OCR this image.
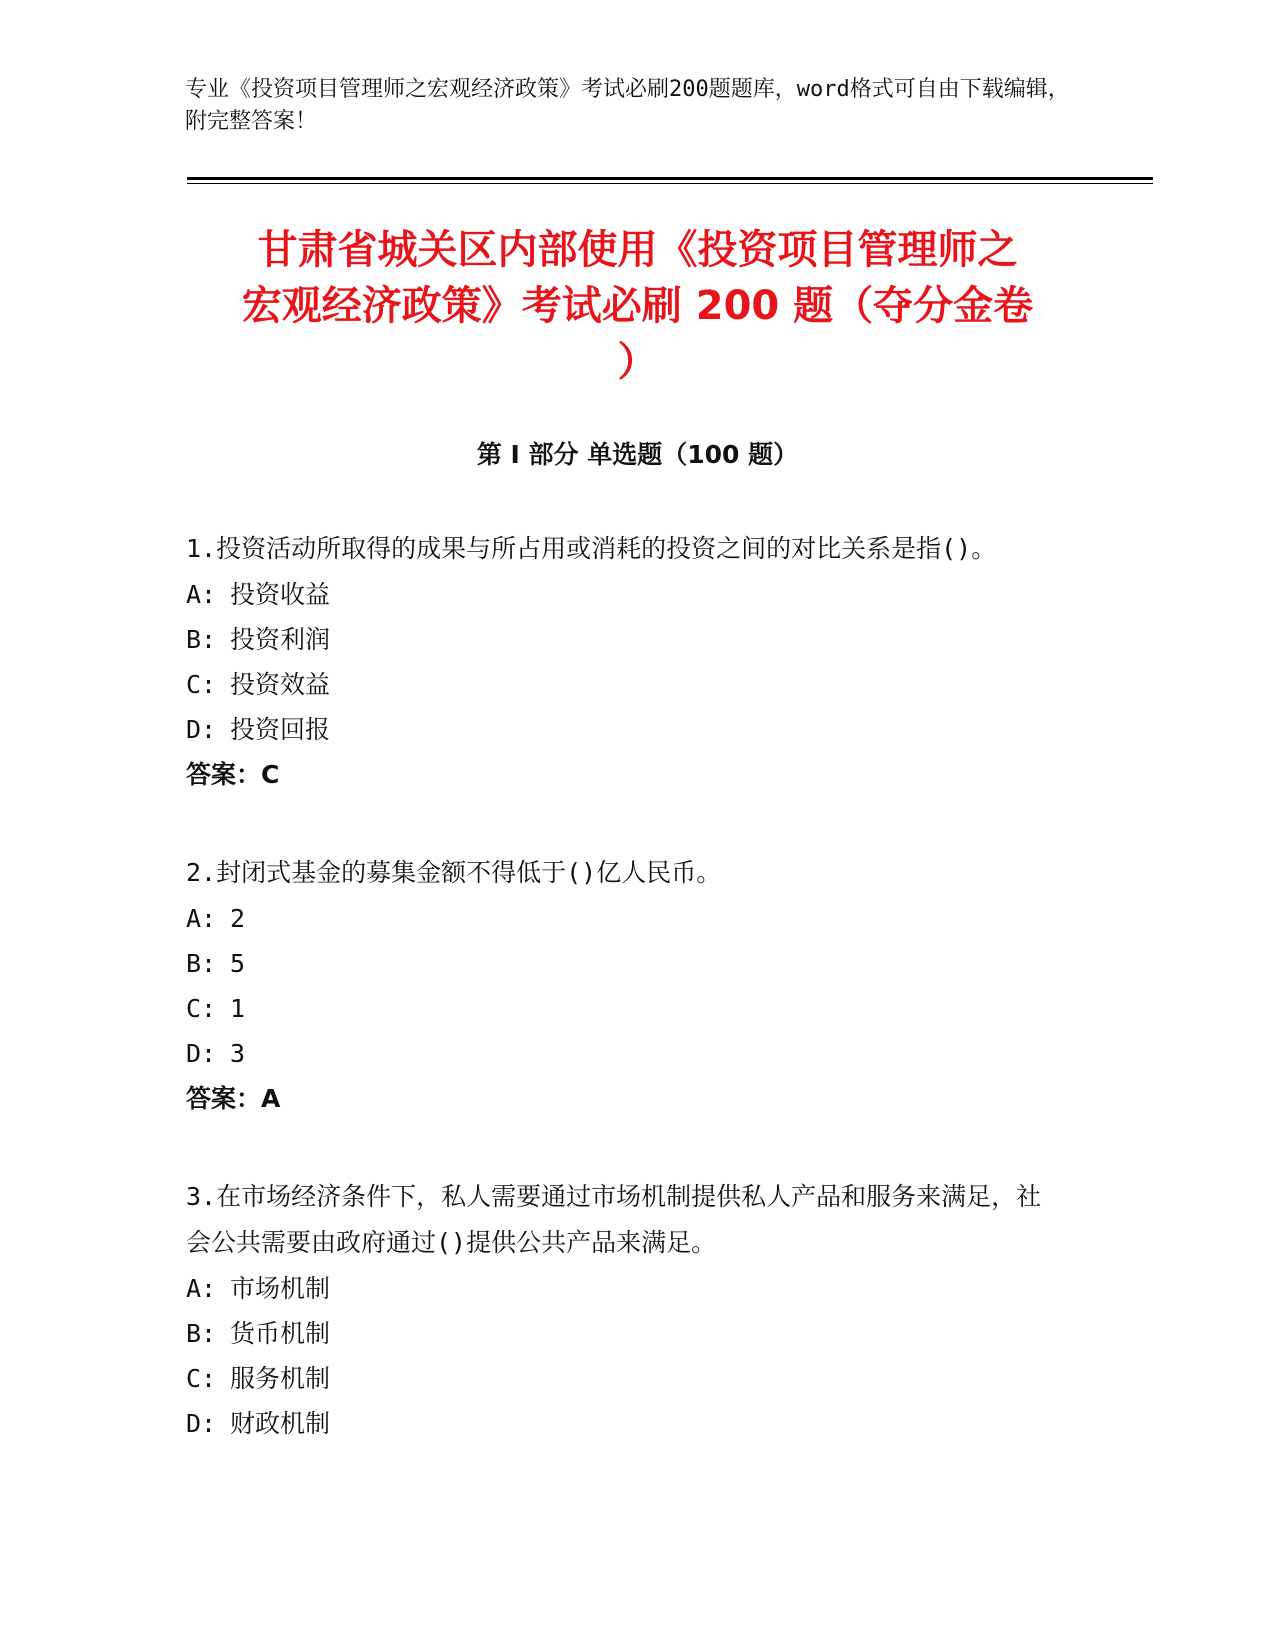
专业《投资项目管理师之宏观经济政策》考试必刷200题题库，word格式可自由下载编辑，附完整答案！
甘肃省城关区内部使用《投资项目管理师之
宏观经济政策》考试必刷 200 题（夺分金卷
）
第 I 部分 单选题（100 题）
1.投资活动所取得的成果与所占用或消耗的投资之间的对比关系是指()。
A: 投资收益
B: 投资利润
C: 投资效益
D: 投资回报
答案：C
2.封闭式基金的募集金额不得低于()亿人民币。
A: 2
B: 5
C: 1
D: 3
答案：A
3.在市场经济条件下，私人需要通过市场机制提供私人产品和服务来满足，社会公共需要由政府通过()提供公共产品来满足。
A: 市场机制
B: 货币机制
C: 服务机制
D: 财政机制
